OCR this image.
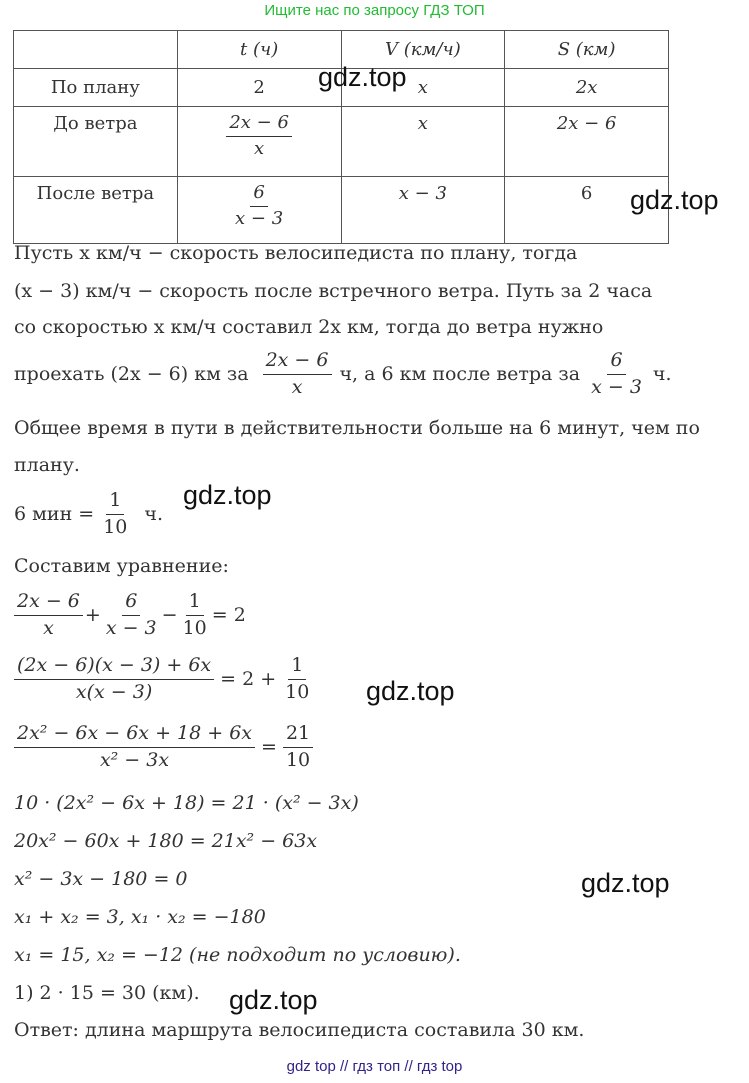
Ищите нас по запросу ГДЗ ТОП
	t (ч)	V (км/ч)	S (км)
По плану	2	x	2x
До ветра	$\frac{2x - 6}{x}$	x	2x − 6
После ветра	$\frac{6}{x - 3}$	x − 3	6
Пусть x км/ч − скорость велосипедиста по плану, тогда
(x − 3) км/ч − скорость после встречного ветра. Путь за 2 часа
со скоростью x км/ч составил 2x км, тогда до ветра нужно
проехать (2x − 6) км за $\frac{2x - 6}{x} ч$, а 6 км после ветра за $\frac{6}{x - 3} ч$.
Общее время в пути в действительности больше на 6 минут, чем по
плану.
6 мин = $\frac{1}{10} ч$.
Составим уравнение:
$\frac{2x - 6}{x} + \frac{6}{x - 3} - \frac{1}{10} = 2$
$\frac{(2x - 6)(x - 3) + 6x}{x(x - 3)} = 2 + \frac{1}{10}$
$\frac{\text{2x² − 6x − 6x + 18 + 6x}}{\text{x² − 3x}} = \frac{21}{10}$
10 · (2x² − 6x + 18) = 21 · (x² − 3x)
20x² − 60x + 180 = 21x² − 63x
x² − 3x − 180 = 0
x₁ + x₂ = 3, x₁ · x₂ = −180
x₁ = 15, x₂ = −12 (не подходит по условию).
1) 2 · 15 = 30 (км).
Ответ: длина маршрута велосипедиста составила 30 км.
gdz.top
gdz.top
gdz.top
gdz.top
gdz.top
gdz.top
gdz top // гдз топ // гдз top
